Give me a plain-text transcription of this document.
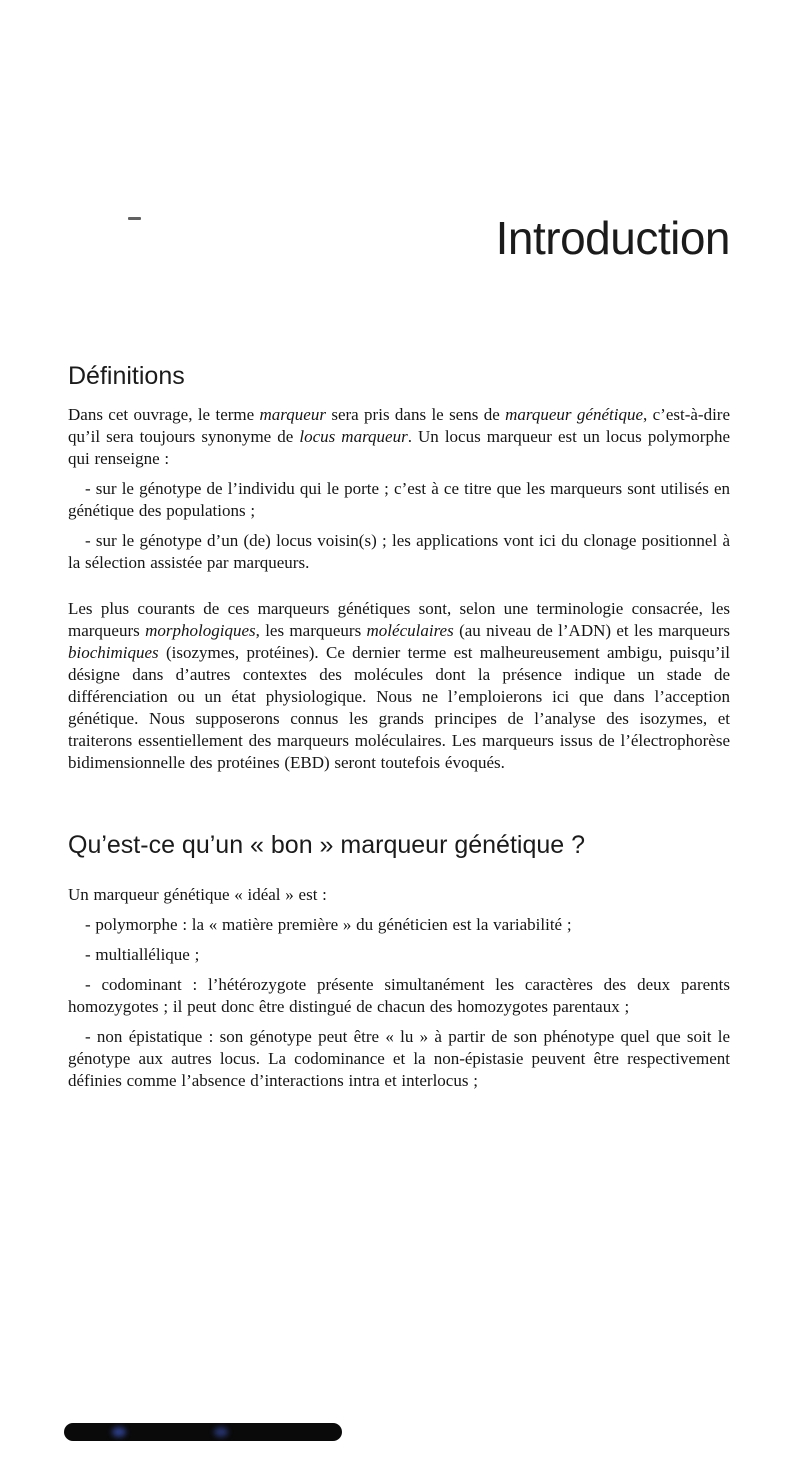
Introduction
Définitions

Dans cet ouvrage, le terme marqueur sera pris dans le sens de marqueur génétique, c’est-à-dire qu’il sera toujours synonyme de locus marqueur. Un locus marqueur est un locus polymorphe qui renseigne :

- sur le génotype de l’individu qui le porte ; c’est à ce titre que les marqueurs sont utilisés en génétique des populations ;

- sur le génotype d’un (de) locus voisin(s) ; les applications vont ici du clonage positionnel à la sélection assistée par marqueurs.

Les plus courants de ces marqueurs génétiques sont, selon une terminologie consacrée, les marqueurs morphologiques, les marqueurs moléculaires (au niveau de l’ADN) et les marqueurs biochimiques (isozymes, protéines). Ce dernier terme est malheureusement ambigu, puisqu’il désigne dans d’autres contextes des molécules dont la présence indique un stade de différenciation ou un état physiologique. Nous ne l’emploierons ici que dans l’acception génétique. Nous supposerons connus les grands principes de l’analyse des isozymes, et traiterons essentiellement des marqueurs moléculaires. Les marqueurs issus de l’électrophorèse bidimensionnelle des protéines (EBD) seront toutefois évoqués.

Qu’est-ce qu’un « bon » marqueur génétique ?

Un marqueur génétique « idéal » est :

- polymorphe : la « matière première » du généticien est la variabilité ;

- multiallélique ;

- codominant : l’hétérozygote présente simultanément les caractères des deux parents homozygotes ; il peut donc être distingué de chacun des homozygotes parentaux ;

- non épistatique : son génotype peut être « lu » à partir de son phénotype quel que soit le génotype aux autres locus. La codominance et la non-épistasie peuvent être respectivement définies comme l’absence d’interactions intra et interlocus ;
